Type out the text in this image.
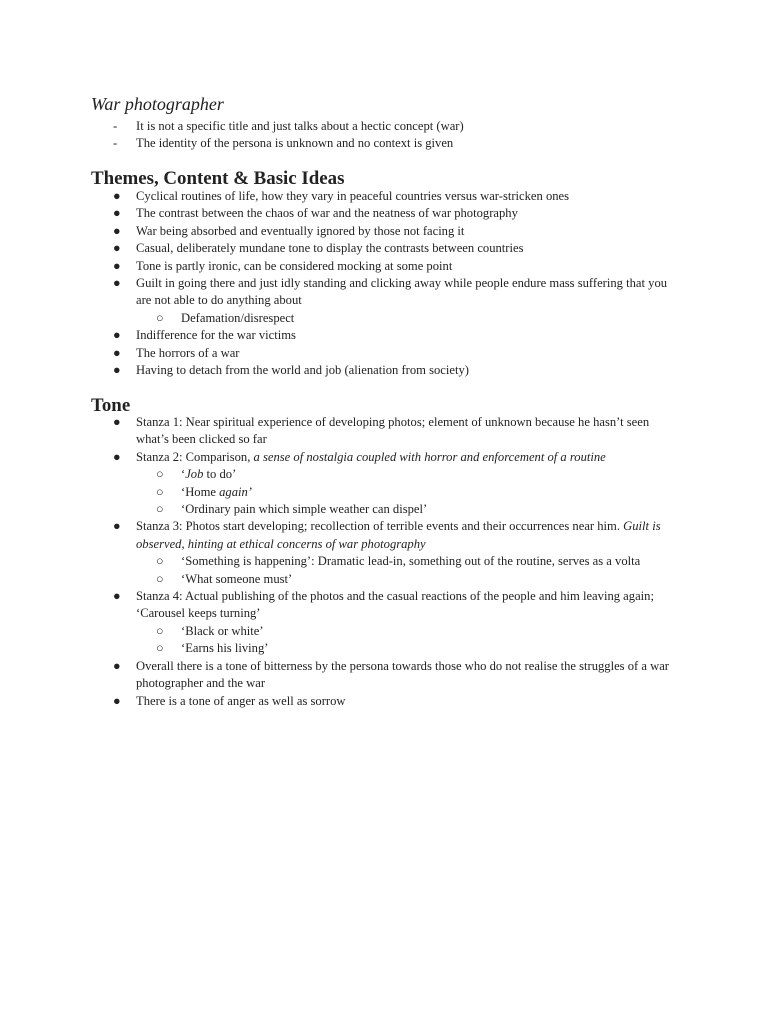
War photographer
- It is not a specific title and just talks about a hectic concept (war)
- The identity of the persona is unknown and no context is given
Themes, Content & Basic Ideas
● Cyclical routines of life, how they vary in peaceful countries versus war-stricken ones
● The contrast between the chaos of war and the neatness of war photography
● War being absorbed and eventually ignored by those not facing it
● Casual, deliberately mundane tone to display the contrasts between countries
● Tone is partly ironic, can be considered mocking at some point
● Guilt in going there and just idly standing and clicking away while people endure mass suffering that you
are not able to do anything about
○ Defamation/disrespect
● Indifference for the war victims
● The horrors of a war
● Having to detach from the world and job (alienation from society)
Tone
● Stanza 1: Near spiritual experience of developing photos; element of unknown because he hasn’t seen
what’s been clicked so far
● Stanza 2: Comparison, a sense of nostalgia coupled with horror and enforcement of a routine
○ ‘Job to do’
○ ‘Home again’
○ ‘Ordinary pain which simple weather can dispel’
● Stanza 3: Photos start developing; recollection of terrible events and their occurrences near him. Guilt is
observed, hinting at ethical concerns of war photography
○ ‘Something is happening’: Dramatic lead-in, something out of the routine, serves as a volta
○ ‘What someone must’
● Stanza 4: Actual publishing of the photos and the casual reactions of the people and him leaving again;
‘Carousel keeps turning’
○ ‘Black or white’
○ ‘Earns his living’
● Overall there is a tone of bitterness by the persona towards those who do not realise the struggles of a war
photographer and the war
● There is a tone of anger as well as sorrow
